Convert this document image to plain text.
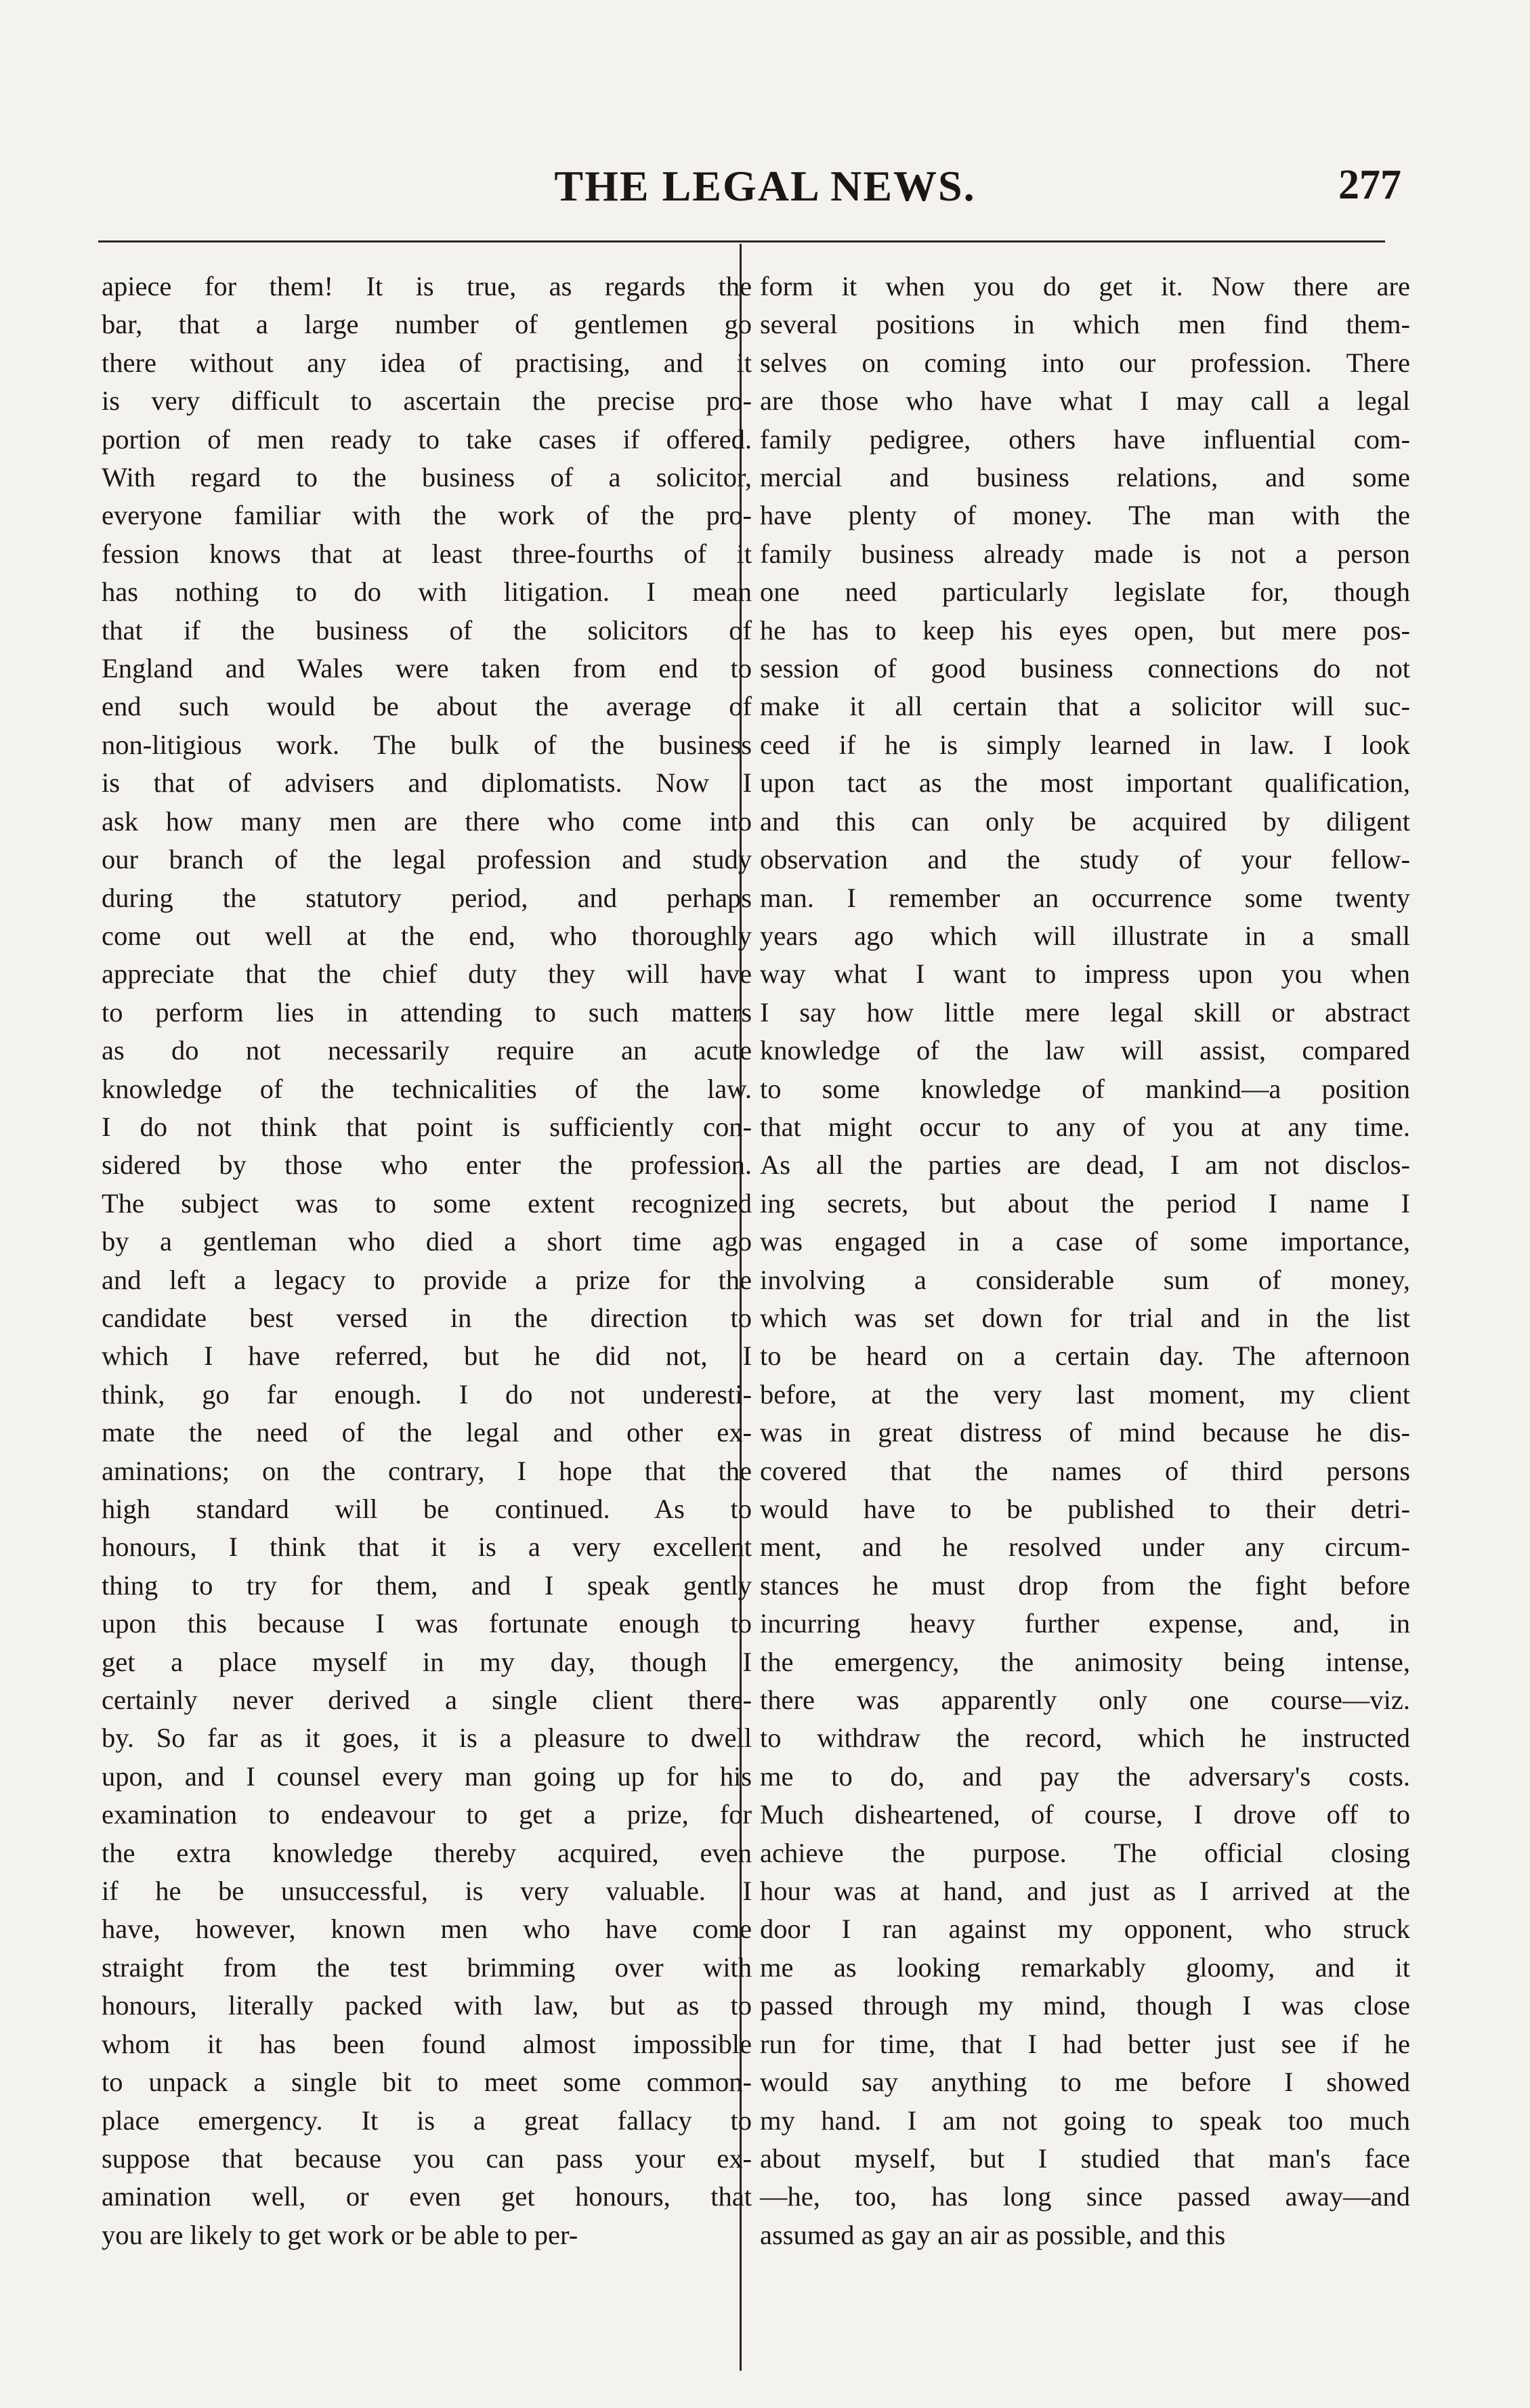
THE LEGAL NEWS.	277
apiece for them! It is true, as regards the
bar, that a large number of gentlemen go
there without any idea of practising, and it
is very difficult to ascertain the precise pro-
portion of men ready to take cases if offered.
With regard to the business of a solicitor,
everyone familiar with the work of the pro-
fession knows that at least three-fourths of it
has nothing to do with litigation. I mean
that if the business of the solicitors of
England and Wales were taken from end to
end such would be about the average of
non-litigious work. The bulk of the business
is that of advisers and diplomatists. Now I
ask how many men are there who come into
our branch of the legal profession and study
during the statutory period, and perhaps
come out well at the end, who thoroughly
appreciate that the chief duty they will have
to perform lies in attending to such matters
as do not necessarily require an acute
knowledge of the technicalities of the law.
I do not think that point is sufficiently con-
sidered by those who enter the profession.
The subject was to some extent recognized
by a gentleman who died a short time ago
and left a legacy to provide a prize for the
candidate best versed in the direction to
which I have referred, but he did not, I
think, go far enough. I do not underesti-
mate the need of the legal and other ex-
aminations; on the contrary, I hope that the
high standard will be continued. As to
honours, I think that it is a very excellent
thing to try for them, and I speak gently
upon this because I was fortunate enough to
get a place myself in my day, though I
certainly never derived a single client there-
by. So far as it goes, it is a pleasure to dwell
upon, and I counsel every man going up for his
examination to endeavour to get a prize, for
the extra knowledge thereby acquired, even
if he be unsuccessful, is very valuable. I
have, however, known men who have come
straight from the test brimming over with
honours, literally packed with law, but as to
whom it has been found almost impossible
to unpack a single bit to meet some common-
place emergency. It is a great fallacy to
suppose that because you can pass your ex-
amination well, or even get honours, that
you are likely to get work or be able to per-
form it when you do get it. Now there are
several positions in which men find them-
selves on coming into our profession. There
are those who have what I may call a legal
family pedigree, others have influential com-
mercial and business relations, and some
have plenty of money. The man with the
family business already made is not a person
one need particularly legislate for, though
he has to keep his eyes open, but mere pos-
session of good business connections do not
make it all certain that a solicitor will suc-
ceed if he is simply learned in law. I look
upon tact as the most important qualification,
and this can only be acquired by diligent
observation and the study of your fellow-
man. I remember an occurrence some twenty
years ago which will illustrate in a small
way what I want to impress upon you when
I say how little mere legal skill or abstract
knowledge of the law will assist, compared
to some knowledge of mankind—a position
that might occur to any of you at any time.
As all the parties are dead, I am not disclos-
ing secrets, but about the period I name I
was engaged in a case of some importance,
involving a considerable sum of money,
which was set down for trial and in the list
to be heard on a certain day. The afternoon
before, at the very last moment, my client
was in great distress of mind because he dis-
covered that the names of third persons
would have to be published to their detri-
ment, and he resolved under any circum-
stances he must drop from the fight before
incurring heavy further expense, and, in
the emergency, the animosity being intense,
there was apparently only one course—viz.
to withdraw the record, which he instructed
me to do, and pay the adversary's costs.
Much disheartened, of course, I drove off to
achieve the purpose. The official closing
hour was at hand, and just as I arrived at the
door I ran against my opponent, who struck
me as looking remarkably gloomy, and it
passed through my mind, though I was close
run for time, that I had better just see if he
would say anything to me before I showed
my hand. I am not going to speak too much
about myself, but I studied that man's face
—he, too, has long since passed away—and
assumed as gay an air as possible, and this
